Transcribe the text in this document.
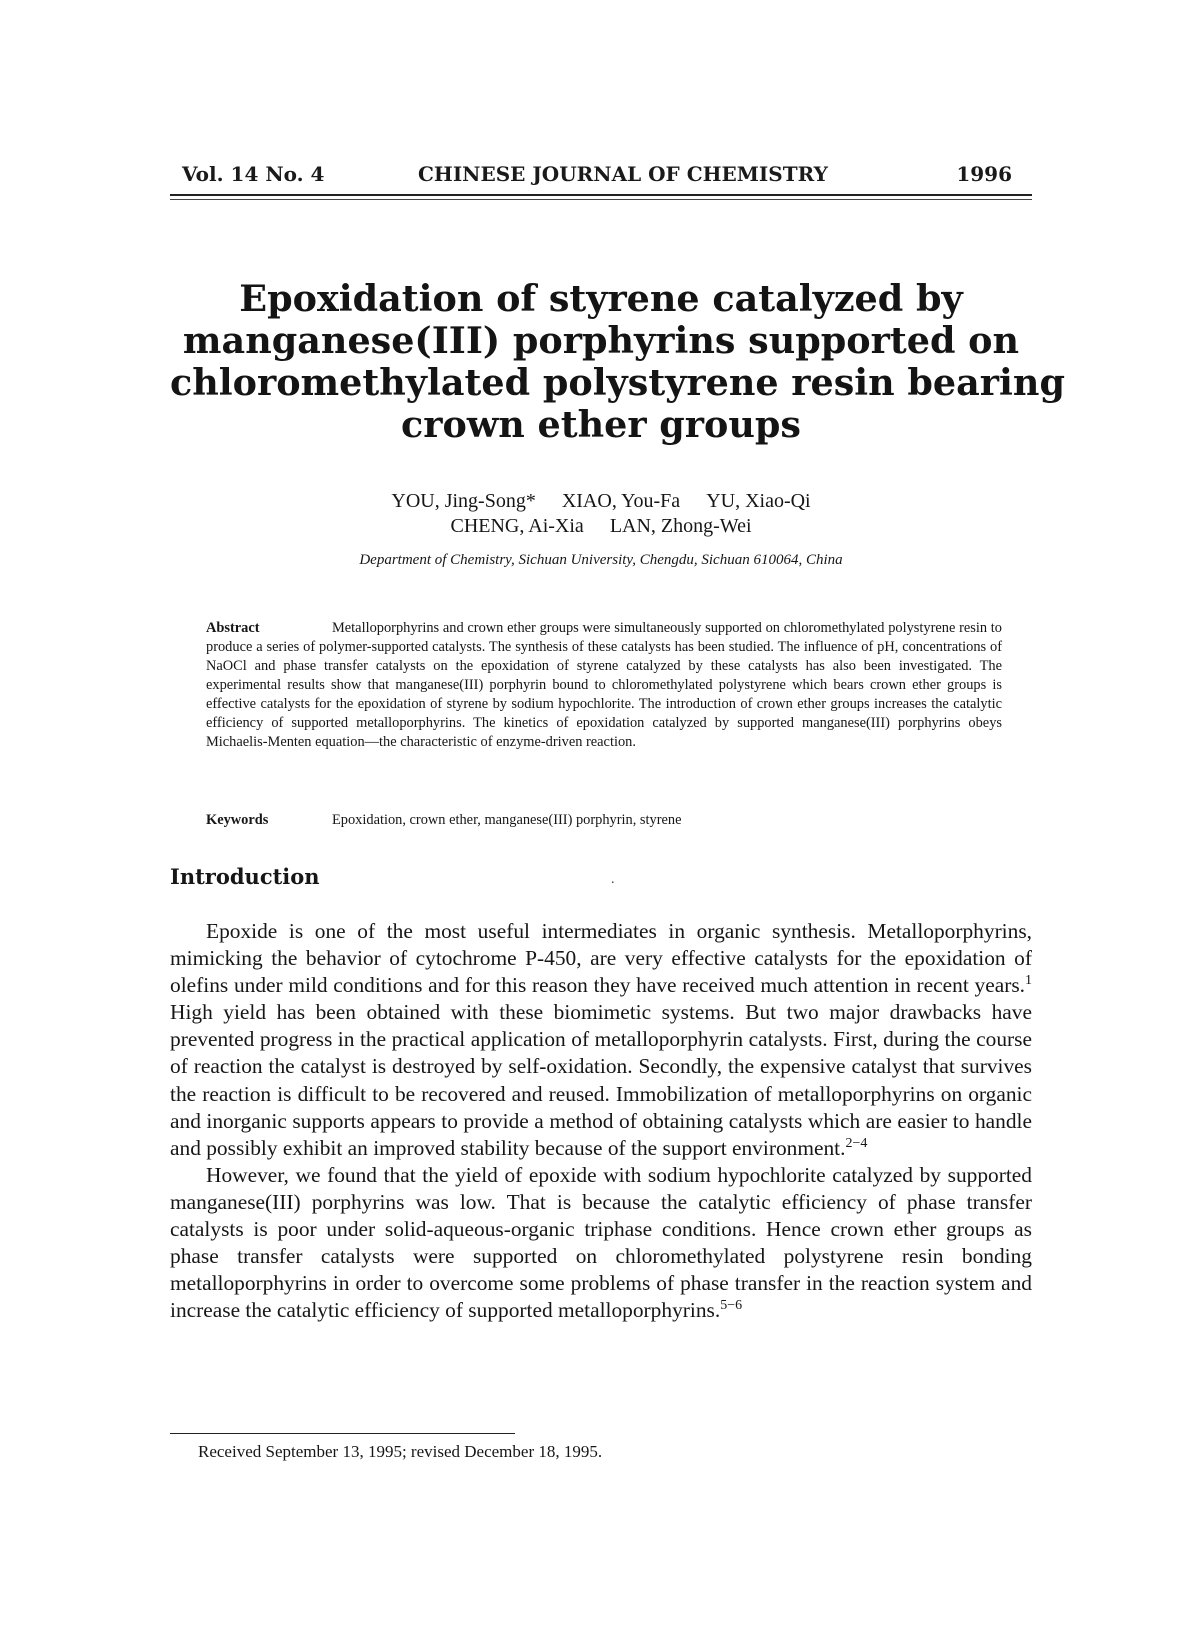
Vol. 14 No. 4	CHINESE JOURNAL OF CHEMISTRY	1996
Epoxidation of styrene catalyzed by
manganese(III) porphyrins supported on
chloromethylated polystyrene resin bearing
crown ether groups
YOU, Jing-Song* XIAO, You-Fa YU, Xiao-Qi
CHENG, Ai-Xia LAN, Zhong-Wei
Department of Chemistry, Sichuan University, Chengdu, Sichuan 610064, China
Abstract	Metalloporphyrins and crown ether groups were simultaneously supported on chloromethylated polystyrene resin to produce a series of polymer-supported catalysts. The synthesis of these catalysts has been studied. The influence of pH, concentrations of NaOCl and phase transfer catalysts on the epoxidation of styrene catalyzed by these catalysts has also been investigated. The experimental results show that manganese(III) porphyrin bound to chloromethylated polystyrene which bears crown ether groups is effective catalysts for the epoxidation of styrene by sodium hypochlorite. The introduction of crown ether groups increases the catalytic efficiency of supported metalloporphyrins. The kinetics of epoxidation catalyzed by supported manganese(III) porphyrins obeys Michaelis-Menten equation—the characteristic of enzyme-driven reaction.
Keywords	Epoxidation, crown ether, manganese(III) porphyrin, styrene
Introduction	.

Epoxide is one of the most useful intermediates in organic synthesis. Metalloporphyrins, mimicking the behavior of cytochrome P-450, are very effective catalysts for the epoxidation of olefins under mild conditions and for this reason they have received much attention in recent years.$^1$ High yield has been obtained with these biomimetic systems. But two major drawbacks have prevented progress in the practical application of metalloporphyrin catalysts. First, during the course of reaction the catalyst is destroyed by self-oxidation. Secondly, the expensive catalyst that survives the reaction is difficult to be recovered and reused. Immobilization of metalloporphyrins on organic and inorganic supports appears to provide a method of obtaining catalysts which are easier to handle and possibly exhibit an improved stability because of the support environment.$^{2-4}$

However, we found that the yield of epoxide with sodium hypochlorite catalyzed by supported manganese(III) porphyrins was low. That is because the catalytic efficiency of phase transfer catalysts is poor under solid-aqueous-organic triphase conditions. Hence crown ether groups as phase transfer catalysts were supported on chloromethylated polystyrene resin bonding metalloporphyrins in order to overcome some problems of phase transfer in the reaction system and increase the catalytic efficiency of supported metalloporphyrins.$^{5-6}$

Received September 13, 1995; revised December 18, 1995.
